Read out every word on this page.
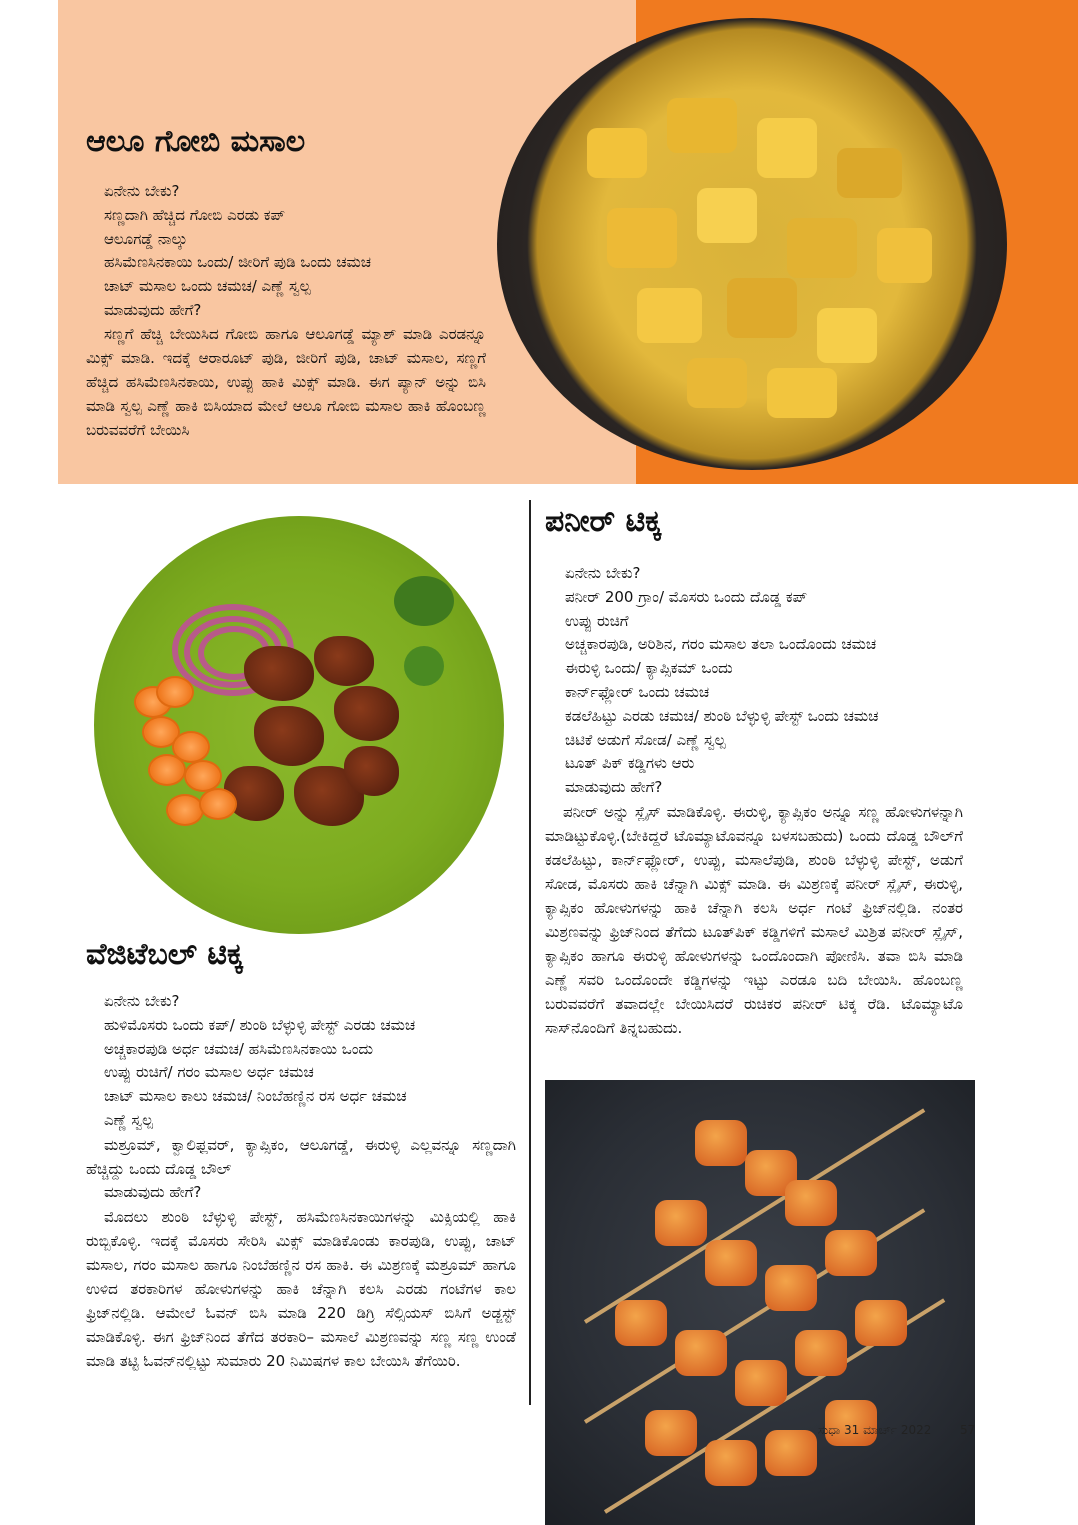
ಆಲೂ ಗೋಬಿ ಮಸಾಲ
ಏನೇನು ಬೇಕು?
ಸಣ್ಣದಾಗಿ ಹೆಚ್ಚಿದ ಗೋಬಿ ಎರಡು ಕಪ್
ಆಲೂಗಡ್ಡೆ ನಾಲ್ಕು
ಹಸಿಮೆಣಸಿನಕಾಯಿ ಒಂದು/ ಜೀರಿಗೆ ಪುಡಿ ಒಂದು ಚಮಚ
ಚಾಟ್ ಮಸಾಲ ಒಂದು ಚಮಚ/ ಎಣ್ಣೆ ಸ್ವಲ್ಪ
ಮಾಡುವುದು ಹೇಗೆ?
ಸಣ್ಣಗೆ ಹೆಚ್ಚಿ ಬೇಯಿಸಿದ ಗೋಬಿ ಹಾಗೂ ಆಲೂಗಡ್ಡೆ ಮ್ಯಾಶ್ ಮಾಡಿ ಎರಡನ್ನೂ ಮಿಕ್ಸ್ ಮಾಡಿ. ಇದಕ್ಕೆ ಆರಾರೂಟ್ ಪುಡಿ, ಜೀರಿಗೆ ಪುಡಿ, ಚಾಟ್ ಮಸಾಲ, ಸಣ್ಣಗೆ ಹೆಚ್ಚಿದ ಹಸಿಮೆಣಸಿನಕಾಯಿ, ಉಪ್ಪು ಹಾಕಿ ಮಿಕ್ಸ್ ಮಾಡಿ. ಈಗ ಪ್ಯಾನ್ ಅನ್ನು ಬಿಸಿ ಮಾಡಿ ಸ್ವಲ್ಪ ಎಣ್ಣೆ ಹಾಕಿ ಬಿಸಿಯಾದ ಮೇಲೆ ಆಲೂ ಗೋಬಿ ಮಸಾಲ ಹಾಕಿ ಹೊಂಬಣ್ಣ ಬರುವವರೆಗೆ ಬೇಯಿಸಿ
ವೆಜಿಟೆಬಲ್ ಟಿಕ್ಕ
ಏನೇನು ಬೇಕು?
ಹುಳಿಮೊಸರು ಒಂದು ಕಪ್/ ಶುಂಠಿ ಬೆಳ್ಳುಳ್ಳಿ ಪೇಸ್ಟ್ ಎರಡು ಚಮಚ
ಅಚ್ಚಕಾರಪುಡಿ ಅರ್ಧ ಚಮಚ/ ಹಸಿಮೆಣಸಿನಕಾಯಿ ಒಂದು
ಉಪ್ಪು ರುಚಿಗೆ/ ಗರಂ ಮಸಾಲ ಅರ್ಧ ಚಮಚ
ಚಾಟ್ ಮಸಾಲ ಕಾಲು ಚಮಚ/ ನಿಂಬೆಹಣ್ಣಿನ ರಸ ಅರ್ಧ ಚಮಚ
ಎಣ್ಣೆ ಸ್ವಲ್ಪ
ಮಶ್ರೂಮ್, ಕ್ವಾಲಿಫ್ಲವರ್, ಕ್ಯಾಪ್ಸಿಕಂ, ಆಲೂಗಡ್ಡೆ, ಈರುಳ್ಳಿ ಎಲ್ಲವನ್ನೂ ಸಣ್ಣದಾಗಿ ಹೆಚ್ಚಿದ್ದು ಒಂದು ದೊಡ್ಡ ಬೌಲ್
ಮಾಡುವುದು ಹೇಗೆ?
ಮೊದಲು ಶುಂಠಿ ಬೆಳ್ಳುಳ್ಳಿ ಪೇಸ್ಟ್, ಹಸಿಮೆಣಸಿನಕಾಯಿಗಳನ್ನು ಮಿಕ್ಸಿಯಲ್ಲಿ ಹಾಕಿ ರುಬ್ಬಿಕೊಳ್ಳಿ. ಇದಕ್ಕೆ ಮೊಸರು ಸೇರಿಸಿ ಮಿಕ್ಸ್ ಮಾಡಿಕೊಂಡು ಕಾರಪುಡಿ, ಉಪ್ಪು, ಚಾಟ್ ಮಸಾಲ, ಗರಂ ಮಸಾಲ ಹಾಗೂ ನಿಂಬೆಹಣ್ಣಿನ ರಸ ಹಾಕಿ. ಈ ಮಿಶ್ರಣಕ್ಕೆ ಮಶ್ರೂಮ್ ಹಾಗೂ ಉಳಿದ ತರಕಾರಿಗಳ ಹೋಳುಗಳನ್ನು ಹಾಕಿ ಚೆನ್ನಾಗಿ ಕಲಸಿ ಎರಡು ಗಂಟೆಗಳ ಕಾಲ ಫ್ರಿಜ್‌ನಲ್ಲಿಡಿ. ಆಮೇಲೆ ಓವನ್ ಬಿಸಿ ಮಾಡಿ 220 ಡಿಗ್ರಿ ಸೆಲ್ಸಿಯಸ್ ಬಿಸಿಗೆ ಅಡ್ಜಸ್ಟ್ ಮಾಡಿಕೊಳ್ಳಿ. ಈಗ ಫ್ರಿಜ್‌ನಿಂದ ತೆಗೆದ ತರಕಾರಿ– ಮಸಾಲೆ ಮಿಶ್ರಣವನ್ನು ಸಣ್ಣ ಸಣ್ಣ ಉಂಡೆ ಮಾಡಿ ತಟ್ಟಿ ಓವನ್‌ನಲ್ಲಿಟ್ಟು ಸುಮಾರು 20 ನಿಮಿಷಗಳ ಕಾಲ ಬೇಯಿಸಿ ತೆಗೆಯಿರಿ.
ಪನೀರ್ ಟಿಕ್ಕ
ಏನೇನು ಬೇಕು?
ಪನೀರ್ 200 ಗ್ರಾಂ/ ಮೊಸರು ಒಂದು ದೊಡ್ಡ ಕಪ್
ಉಪ್ಪು ರುಚಿಗೆ
ಅಚ್ಚಕಾರಪುಡಿ, ಅರಿಶಿನ, ಗರಂ ಮಸಾಲ ತಲಾ ಒಂದೊಂದು ಚಮಚ
ಈರುಳ್ಳಿ ಒಂದು/ ಕ್ಯಾಪ್ಸಿಕಮ್ ಒಂದು
ಕಾರ್ನ್‌ಫ್ಲೋರ್ ಒಂದು ಚಮಚ
ಕಡಲೆಹಿಟ್ಟು ಎರಡು ಚಮಚ/ ಶುಂಠಿ ಬೆಳ್ಳುಳ್ಳಿ ಪೇಸ್ಟ್ ಒಂದು ಚಮಚ
ಚಿಟಿಕೆ ಅಡುಗೆ ಸೋಡ/ ಎಣ್ಣೆ ಸ್ವಲ್ಪ
ಟೂತ್ ಪಿಕ್ ಕಡ್ಡಿಗಳು ಆರು
ಮಾಡುವುದು ಹೇಗೆ?
ಪನೀರ್ ಅನ್ನು ಸ್ಲೈಸ್ ಮಾಡಿಕೊಳ್ಳಿ. ಈರುಳ್ಳಿ, ಕ್ಯಾಪ್ಸಿಕಂ ಅನ್ನೂ ಸಣ್ಣ ಹೋಳುಗಳನ್ನಾಗಿ ಮಾಡಿಟ್ಟುಕೊಳ್ಳಿ.(ಬೇಕಿದ್ದರೆ ಟೊಮ್ಯಾಟೊವನ್ನೂ ಬಳಸಬಹುದು) ಒಂದು ದೊಡ್ಡ ಬೌಲ್‌ಗೆ ಕಡಲೆಹಿಟ್ಟು, ಕಾರ್ನ್‌ಫ್ಲೋರ್, ಉಪ್ಪು, ಮಸಾಲೆಪುಡಿ, ಶುಂಠಿ ಬೆಳ್ಳುಳ್ಳಿ ಪೇಸ್ಟ್, ಅಡುಗೆ ಸೋಡ, ಮೊಸರು ಹಾಕಿ ಚೆನ್ನಾಗಿ ಮಿಕ್ಸ್ ಮಾಡಿ. ಈ ಮಿಶ್ರಣಕ್ಕೆ ಪನೀರ್ ಸ್ಲೈಸ್, ಈರುಳ್ಳಿ, ಕ್ಯಾಪ್ಸಿಕಂ ಹೋಳುಗಳನ್ನು ಹಾಕಿ ಚೆನ್ನಾಗಿ ಕಲಸಿ ಅರ್ಧ ಗಂಟೆ ಫ್ರಿಜ್‌ನಲ್ಲಿಡಿ. ನಂತರ ಮಿಶ್ರಣವನ್ನು ಫ್ರಿಜ್‌ನಿಂದ ತೆಗೆದು ಟೂತ್‌ಪಿಕ್ ಕಡ್ಡಿಗಳಿಗೆ ಮಸಾಲೆ ಮಿಶ್ರಿತ ಪನೀರ್ ಸ್ಲೈಸ್, ಕ್ಯಾಪ್ಸಿಕಂ ಹಾಗೂ ಈರುಳ್ಳಿ ಹೋಳುಗಳನ್ನು ಒಂದೊಂದಾಗಿ ಪೋಣಿಸಿ. ತವಾ ಬಿಸಿ ಮಾಡಿ ಎಣ್ಣೆ ಸವರಿ ಒಂದೊಂದೇ ಕಡ್ಡಿಗಳನ್ನು ಇಟ್ಟು ಎರಡೂ ಬದಿ ಬೇಯಿಸಿ. ಹೊಂಬಣ್ಣ ಬರುವವರೆಗೆ ತವಾದಲ್ಲೇ ಬೇಯಿಸಿದರೆ ರುಚಿಕರ ಪನೀರ್ ಟಿಕ್ಕ ರೆಡಿ. ಟೊಮ್ಯಾಟೊ ಸಾಸ್‌ನೊಂದಿಗೆ ತಿನ್ನಬಹುದು.
ಸುಧಾ 31 ಮಾರ್ಚ್ 2022 57
